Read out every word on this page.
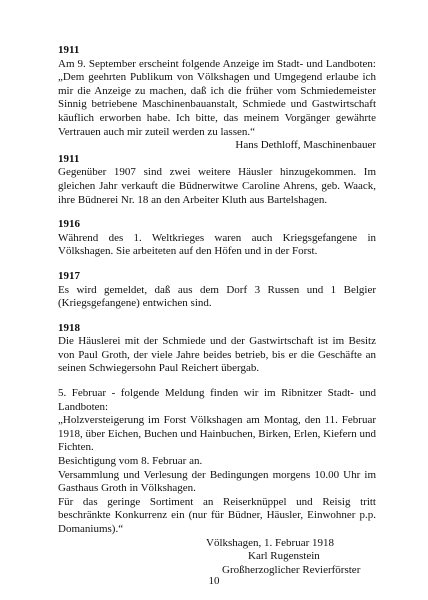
1911

Am 9. September erscheint folgende Anzeige im Stadt- und Landboten: „Dem geehrten Publikum von Völkshagen und Umgegend erlaube ich mir die Anzeige zu machen, daß ich die früher vom Schmiedemeister Sinnig betriebene Maschinenbauanstalt, Schmiede und Gastwirtschaft käuflich erworben habe. Ich bitte, das meinem Vorgänger gewährte Vertrauen auch mir zuteil werden zu lassen.“

Hans Dethloff, Maschinenbauer

1911

Gegenüber 1907 sind zwei weitere Häusler hinzugekommen. Im gleichen Jahr verkauft die Büdnerwitwe Caroline Ahrens, geb. Waack, ihre Büdnerei Nr. 18 an den Arbeiter Kluth aus Bartelshagen.

1916

Während des 1. Weltkrieges waren auch Kriegsgefangene in Völkshagen. Sie arbeiteten auf den Höfen und in der Forst.

1917

Es wird gemeldet, daß aus dem Dorf 3 Russen und 1 Belgier (Kriegsgefangene) entwichen sind.

1918

Die Häuslerei mit der Schmiede und der Gastwirtschaft ist im Besitz von Paul Groth, der viele Jahre beides betrieb, bis er die Geschäfte an seinen Schwiegersohn Paul Reichert übergab.

5. Februar - folgende Meldung finden wir im Ribnitzer Stadt- und Landboten:

„Holzversteigerung im Forst Völkshagen am Montag, den 11. Februar 1918, über Eichen, Buchen und Hainbuchen, Birken, Erlen, Kiefern und Fichten.

Besichtigung vom 8. Februar an.

Versammlung und Verlesung der Bedingungen morgens 10.00 Uhr im Gasthaus Groth in Völkshagen.

Für das geringe Sortiment an Reiserknüppel und Reisig tritt beschränkte Konkurrenz ein (nur für Büdner, Häusler, Einwohner p.p. Domaniums).“

Völkshagen, 1. Februar 1918
Karl Rugenstein
Großherzoglicher Revierförster
10
